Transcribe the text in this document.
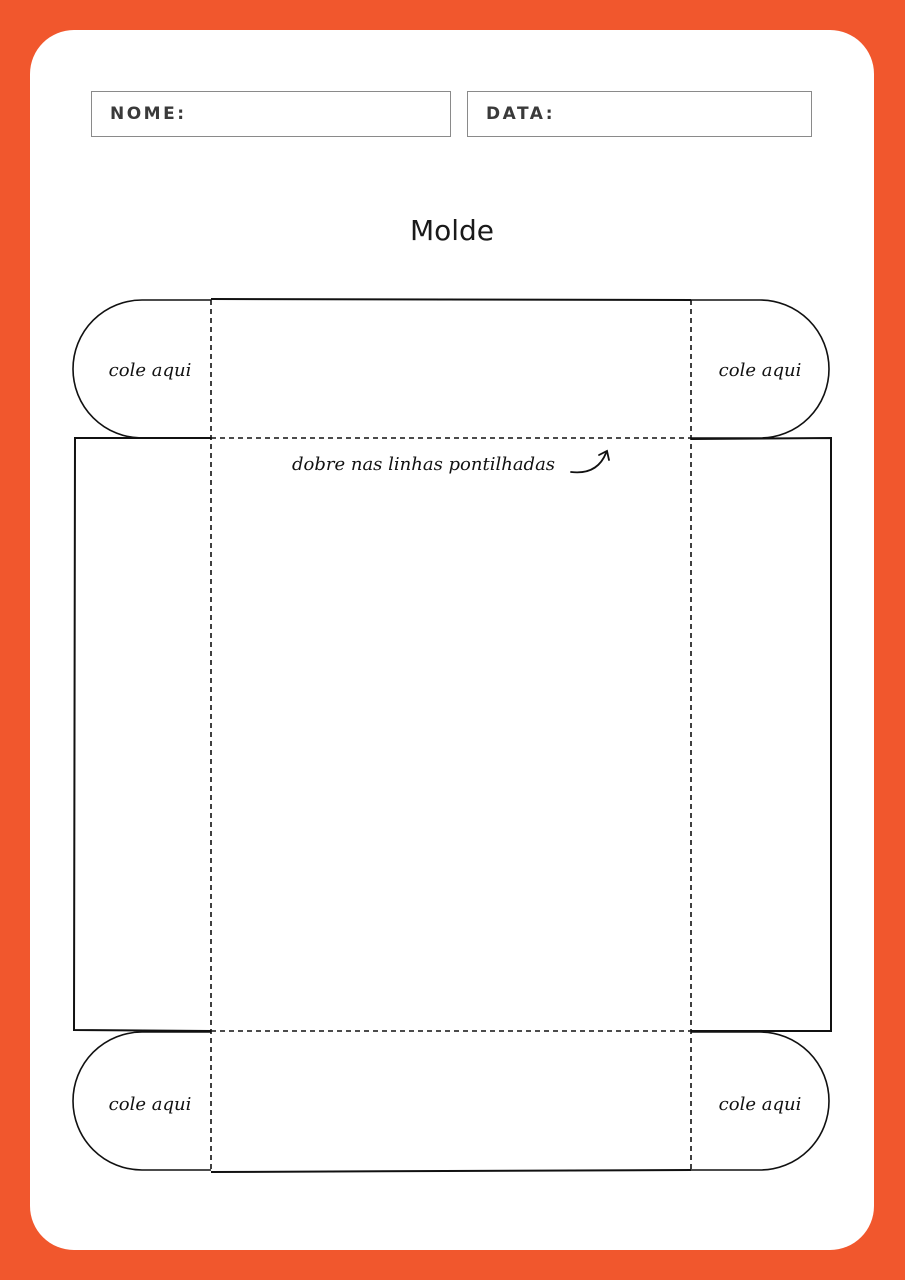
NOME:	DATA:
Molde
cole aqui	cole aqui
cole aqui	cole aqui
dobre nas linhas pontilhadas
